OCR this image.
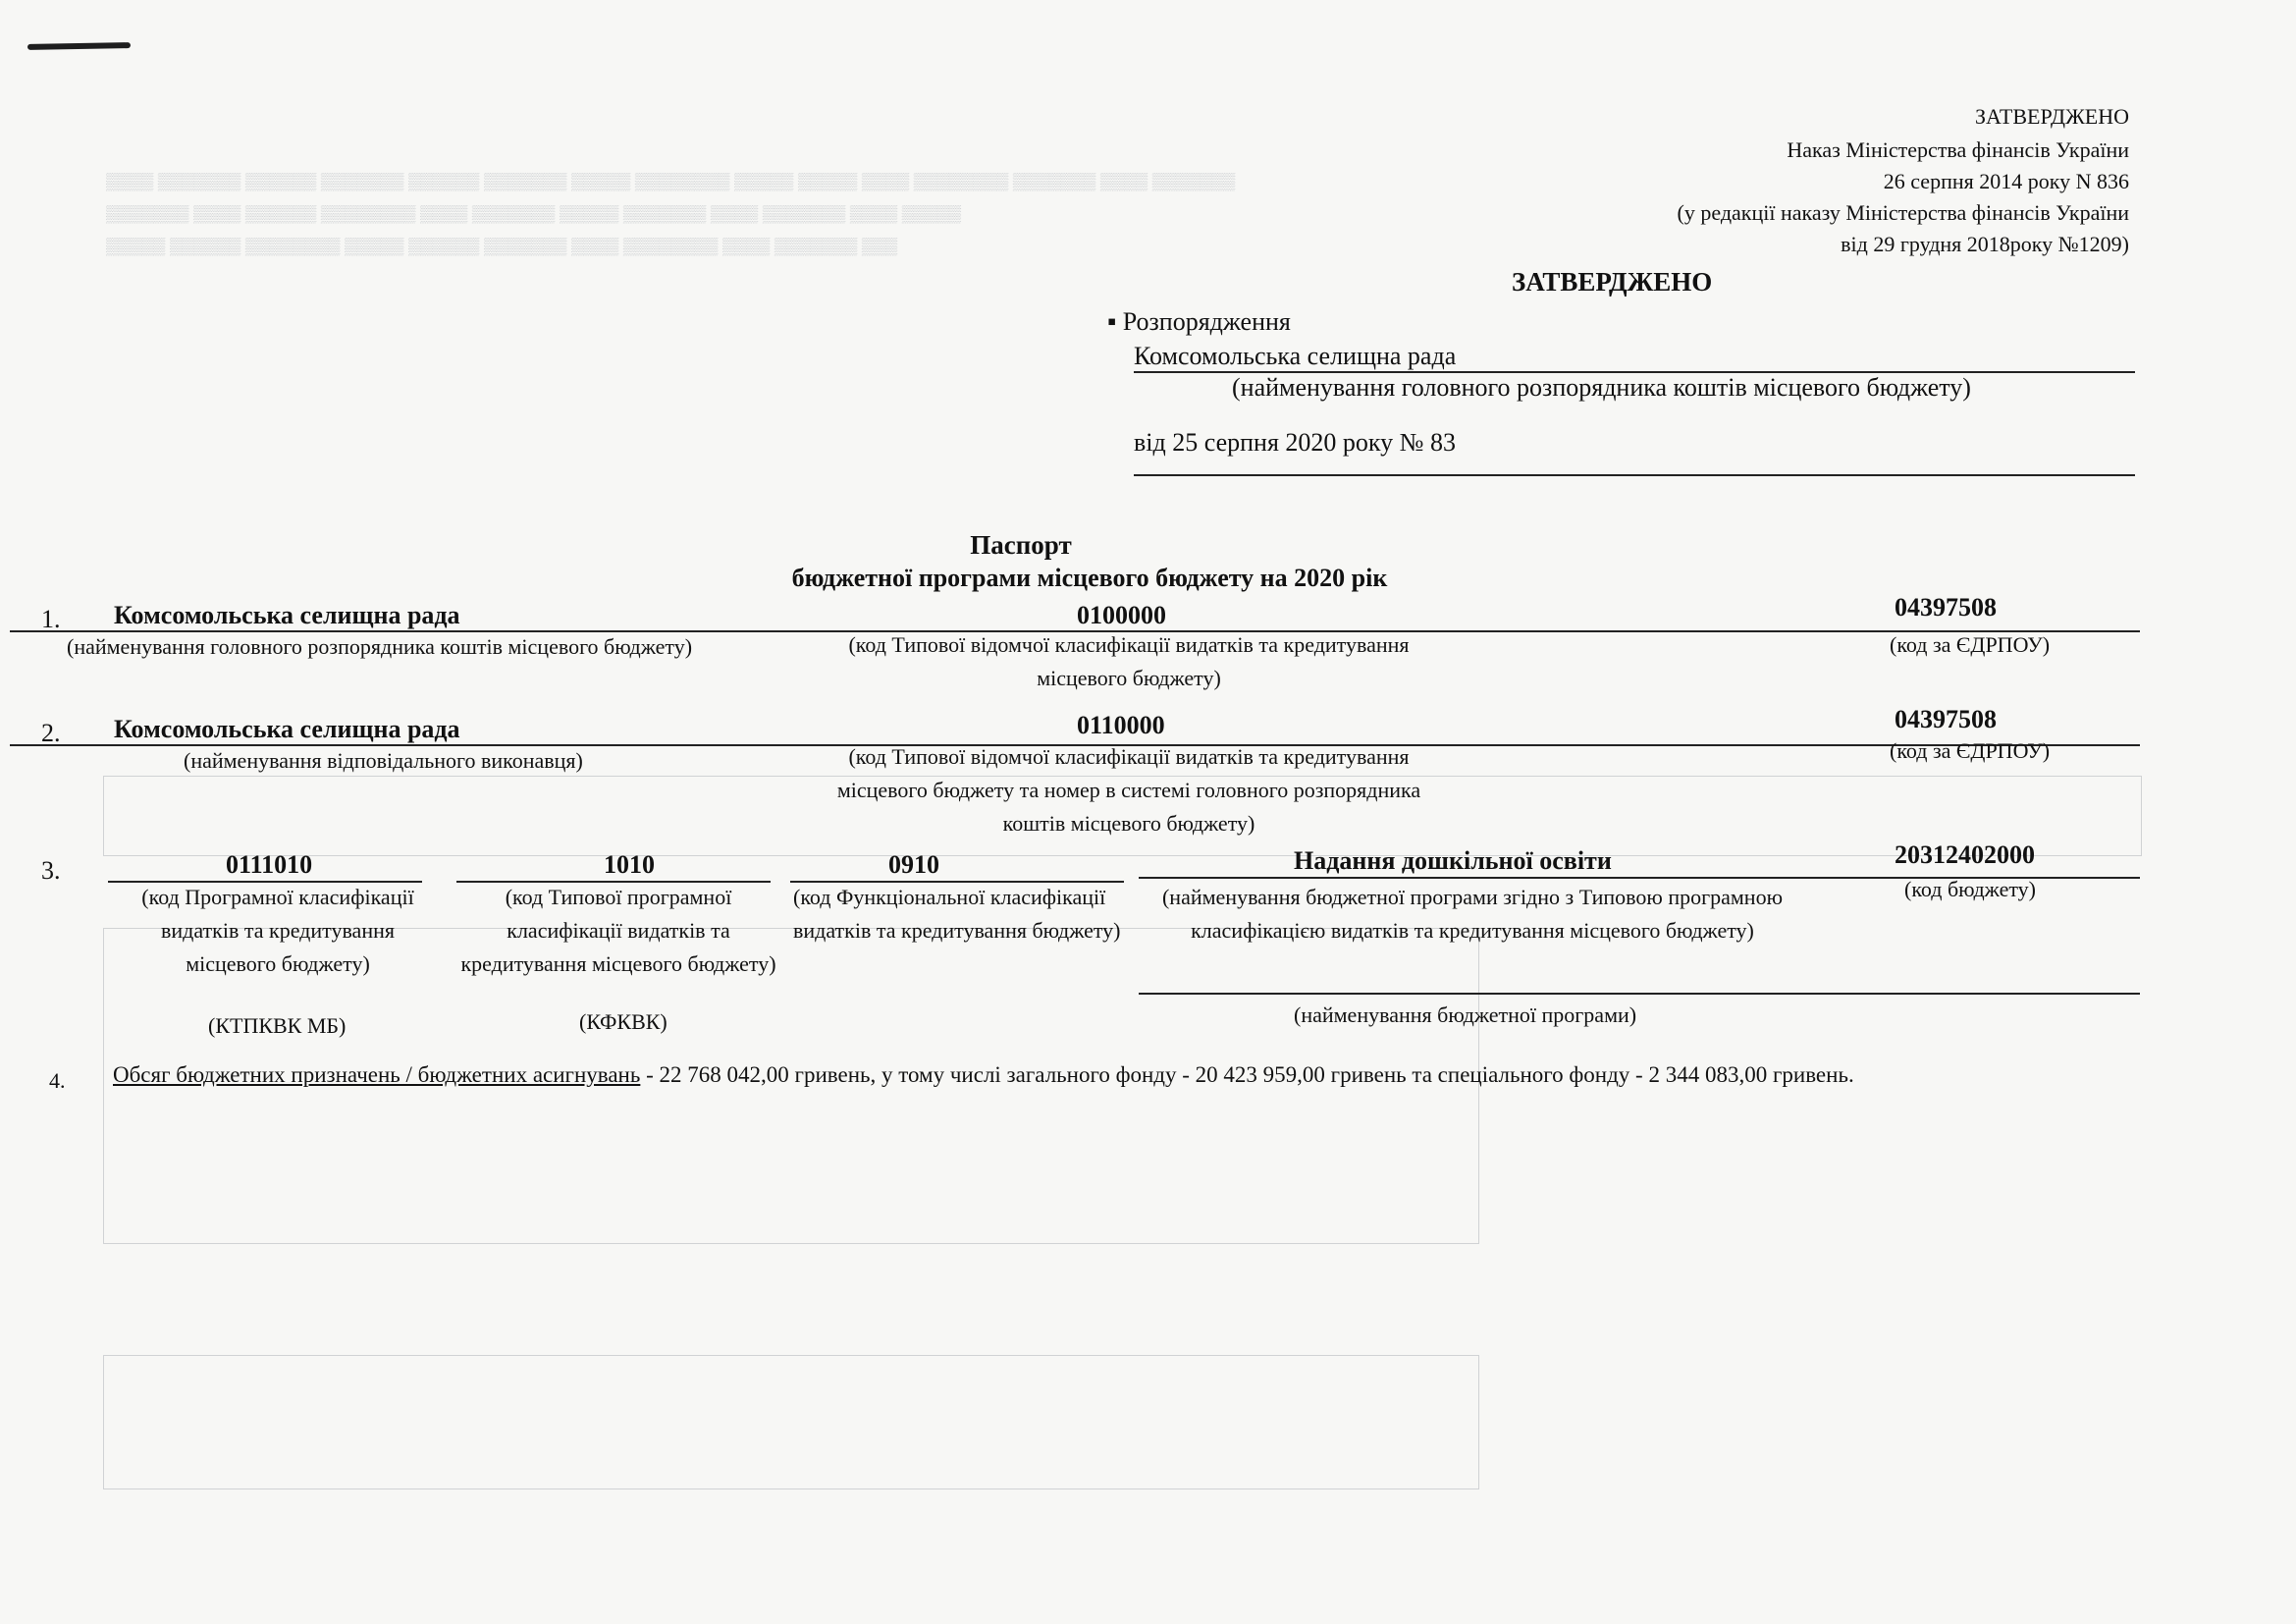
▒▒▒▒ ▒▒▒▒▒▒▒ ▒▒▒▒▒▒ ▒▒▒▒▒▒▒ ▒▒▒▒▒▒ ▒▒▒▒▒▒▒ ▒▒▒▒▒ ▒▒▒▒▒▒▒▒ ▒▒▒▒▒ ▒▒▒▒▒ ▒▒▒▒ ▒▒▒▒▒▒▒▒ ▒▒▒▒▒▒▒ ▒▒▒▒ ▒▒▒▒▒▒▒
▒▒▒▒▒▒▒ ▒▒▒▒ ▒▒▒▒▒▒ ▒▒▒▒▒▒▒▒ ▒▒▒▒ ▒▒▒▒▒▒▒ ▒▒▒▒▒ ▒▒▒▒▒▒▒ ▒▒▒▒ ▒▒▒▒▒▒▒ ▒▒▒▒ ▒▒▒▒▒
▒▒▒▒▒ ▒▒▒▒▒▒ ▒▒▒▒▒▒▒▒ ▒▒▒▒▒ ▒▒▒▒▒▒ ▒▒▒▒▒▒▒ ▒▒▒▒ ▒▒▒▒▒▒▒▒ ▒▒▒▒ ▒▒▒▒▒▒▒ ▒▒▒
ЗАТВЕРДЖЕНО
Наказ Міністерства фінансів України
26 серпня 2014 року N 836
(у редакції наказу Міністерства фінансів України
від 29 грудня 2018року №1209)
ЗАТВЕРДЖЕНО
▪ Розпорядження
Комсомольська селищна рада
(найменування головного розпорядника коштів місцевого бюджету)
від 25 серпня 2020 року № 83
Паспорт
бюджетної програми місцевого бюджету на 2020 рік
1. Комсомольська селищна рада	0100000	04397508
(найменування головного розпорядника коштів місцевого бюджету)	(код Типової відомчої класифікації видатків та кредитування місцевого бюджету)
(код за ЄДРПОУ)
2. Комсомольська селищна рада	0110000	04397508
(найменування відповідального виконавця)	(код Типової відомчої класифікації видатків та кредитування місцевого бюджету та номер в системі головного розпорядника коштів місцевого бюджету)
(код за ЄДРПОУ)
3.	0111010	1010	0910	Надання дошкільної освіти	20312402000
(код Програмної класифікації видатків та кредитування місцевого бюджету)
(код Типової програмної класифікації видатків та кредитування місцевого бюджету)
(код Функціональної класифікації видатків та кредитування бюджету)
(найменування бюджетної програми згідно з Типовою програмною класифікацією видатків та кредитування місцевого бюджету)
(код бюджету)
(КТПКВК МБ)	(КФКВК)	(найменування бюджетної програми)
4. Обсяг бюджетних призначень / бюджетних асигнувань - 22 768 042,00 гривень, у тому числі загального фонду - 20 423 959,00 гривень та спеціального фонду - 2 344 083,00 гривень.
